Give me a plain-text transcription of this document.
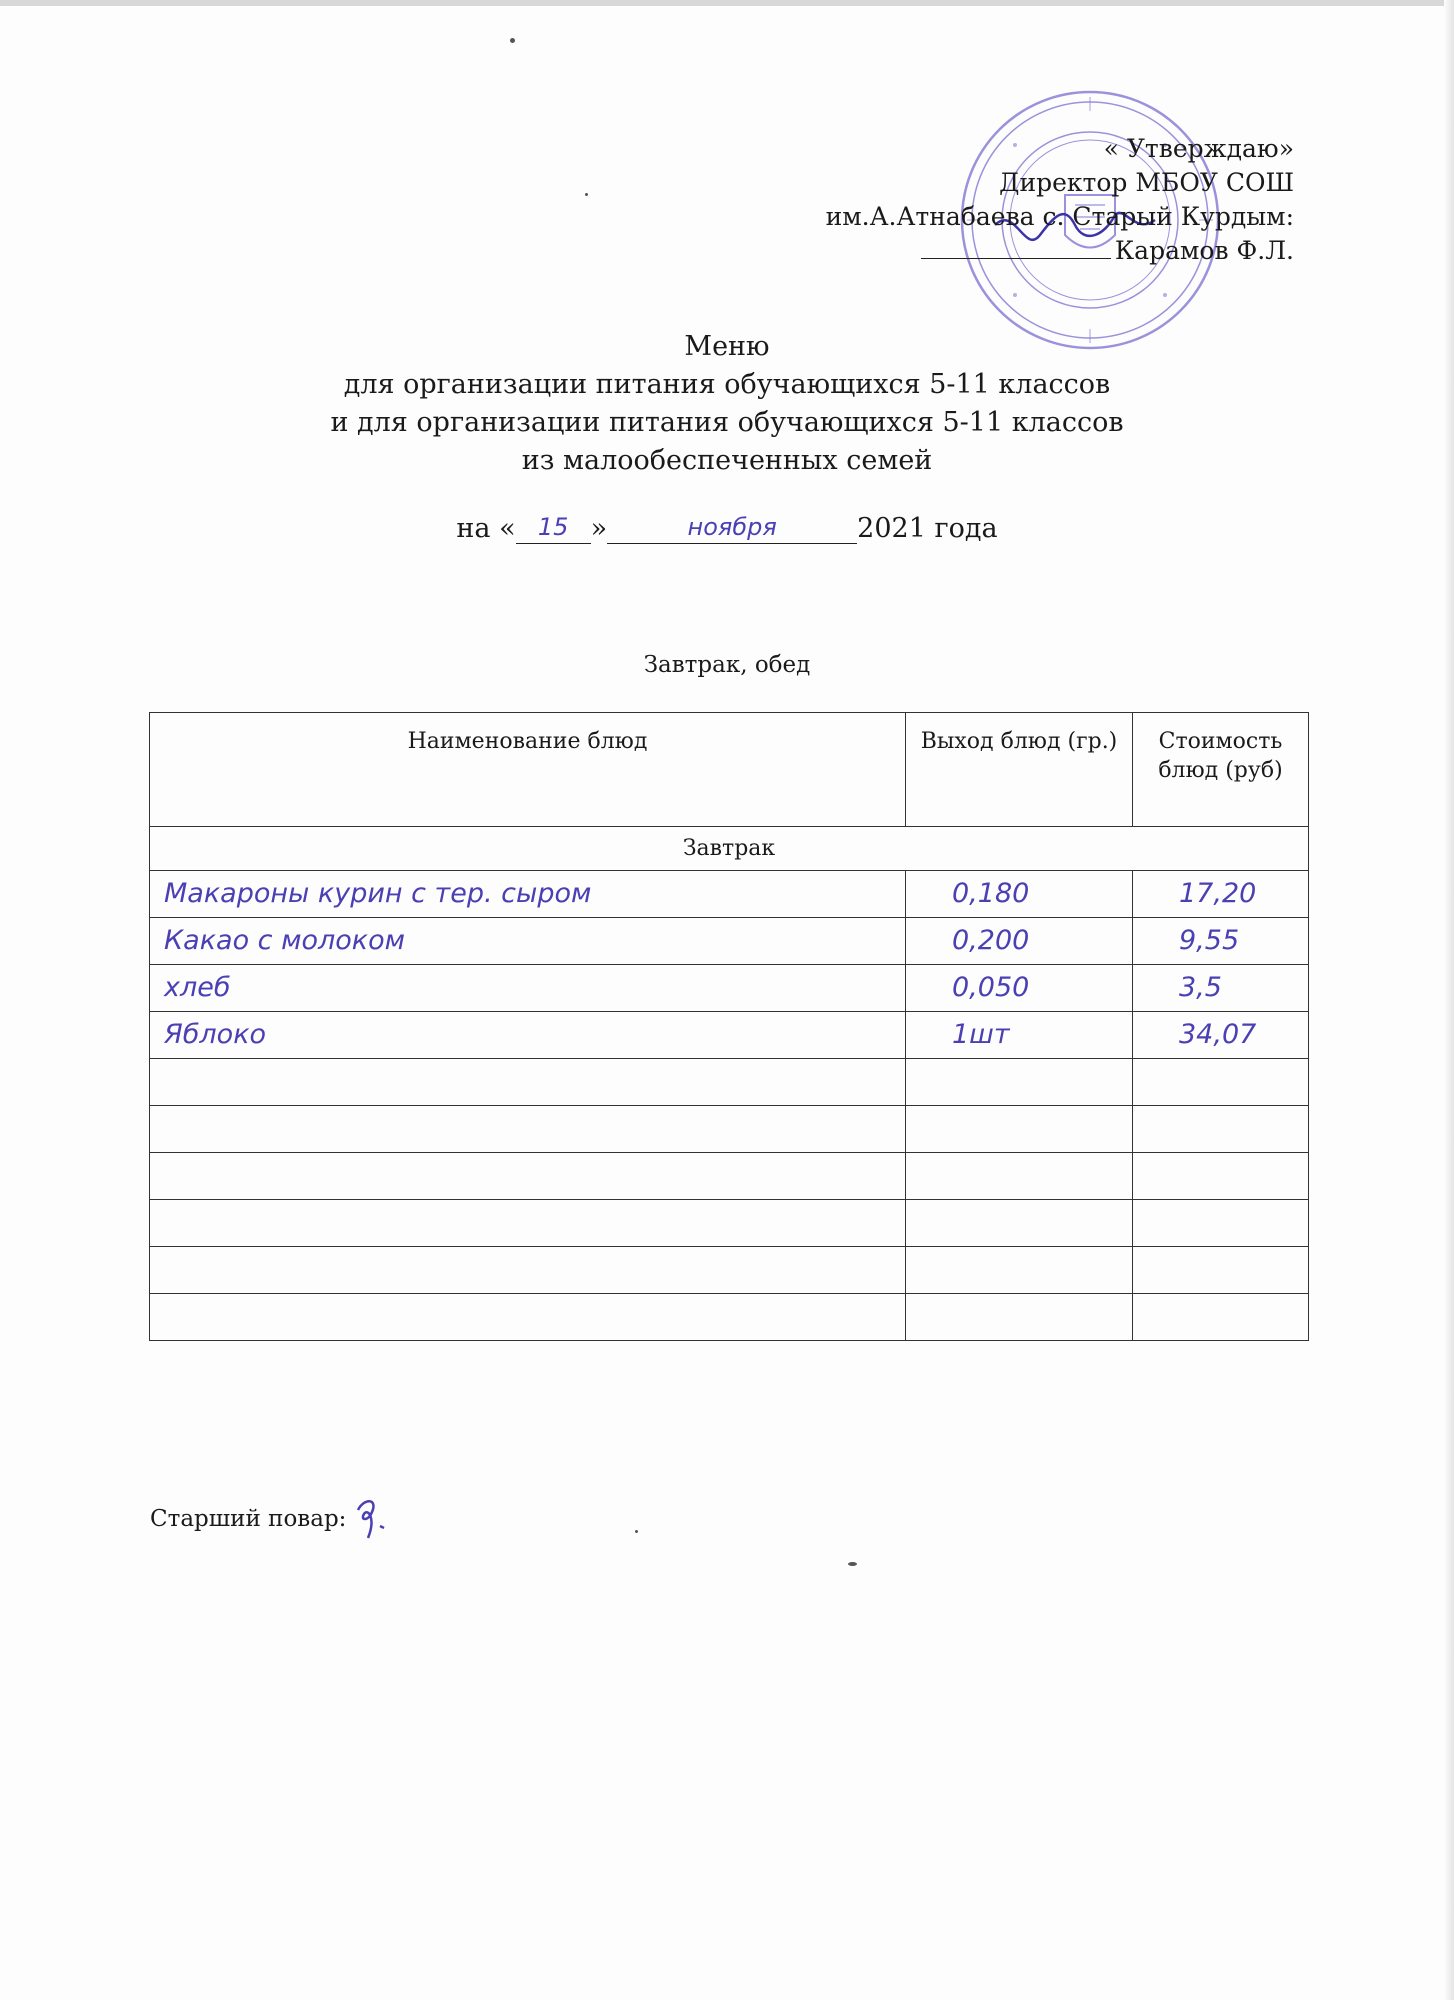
« Утверждаю»
Директор МБОУ СОШ
им.А.Атнабаева с. Старый Курдым:
Карамов Ф.Л.
Меню
для организации питания обучающихся 5-11 классов
и для организации питания обучающихся 5-11 классов
из малообеспеченных семей
на « 15 »	ноября	2021 года
Завтрак, обед
Наименование блюд	Выход блюд (гр.)	Стоимость блюд (руб)
Завтрак		

Макароны курин с тер. сыром	0,180	17,20

Какао с молоком	0,200	9,55

хлеб	0,050	3,5

Яблоко	1шт	34,07

Старший повар:
